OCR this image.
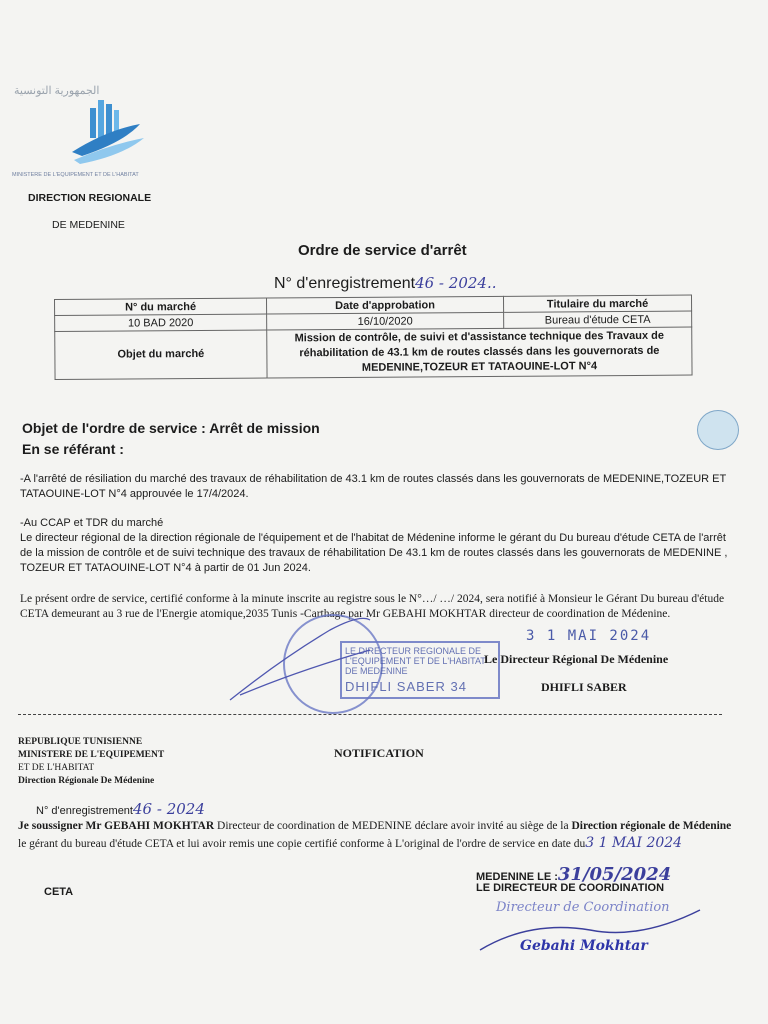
الجمهورية التونسية
MINISTERE DE L'EQUIPEMENT ET DE L'HABITAT
DIRECTION REGIONALE
DE MEDENINE
Ordre de service d'arrêt
N° d'enregistrement46 - 2024..
N° du marché	Date d'approbation	Titulaire du marché
10 BAD 2020	16/10/2020	Bureau d'étude CETA
Objet du marché	Mission de contrôle, de suivi et d'assistance technique des Travaux de réhabilitation de 43.1 km de routes classés dans les gouvernorats de MEDENINE,TOZEUR ET TATAOUINE-LOT N°4	
Objet de l'ordre de service : Arrêt de mission
En se référant :
-A l'arrêté de résiliation du marché des travaux de réhabilitation de 43.1 km de routes classés dans les gouvernorats de MEDENINE,TOZEUR ET TATAOUINE-LOT N°4 approuvée le 17/4/2024.
-Au CCAP et TDR du marché
Le directeur régional de la direction régionale de l'équipement et de l'habitat de Médenine informe le gérant du Du bureau d'étude CETA de l'arrêt de la mission de contrôle et de suivi technique des travaux de réhabilitation De 43.1 km de routes classés dans les gouvernorats de MEDENINE , TOZEUR ET TATAOUINE-LOT N°4 à partir de 01 Jun 2024.
Le présent ordre de service, certifié conforme à la minute inscrite au registre sous le N°…/ …/ 2024, sera notifié à Monsieur le Gérant Du bureau d'étude CETA demeurant au 3 rue de l'Energie atomique,2035 Tunis -Carthage par Mr GEBAHI MOKHTAR directeur de coordination de Médenine.
LE DIRECTEUR REGIONALE DE
L'EQUIPEMENT ET DE L'HABITAT
DE MEDENINE
DHIFLI SABER 34
3 1 MAI 2024
Le Directeur Régional De Médenine
DHIFLI SABER
REPUBLIQUE TUNISIENNE
MINISTERE DE L'EQUIPEMENT
ET DE L'HABITAT
Direction Régionale De Médenine
NOTIFICATION
N° d'enregistrement46 - 2024
Je soussigner Mr GEBAHI MOKHTAR Directeur de coordination de MEDENINE déclare avoir invité au siège de la Direction régionale de Médenine le gérant du bureau d'étude CETA et lui avoir remis une copie certifié conforme à L'original de l'ordre de service en date du3 1 MAI 2024
MEDENINE LE :31/05/2024
LE DIRECTEUR DE COORDINATION
CETA
Directeur de Coordination
Gebahi Mokhtar
